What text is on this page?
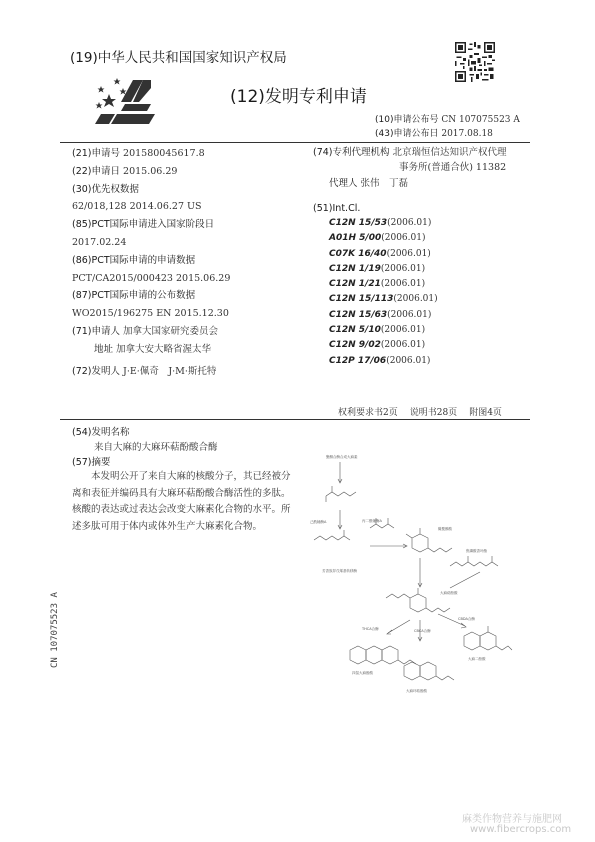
(19)中华人民共和国国家知识产权局
(12)发明专利申请
(10)申请公布号 CN 107075523 A
(43)申请公布日 2017.08.18
(21)申请号 201580045617.8
(22)申请日 2015.06.29
(30)优先权数据
62/018,128 2014.06.27 US
(85)PCT国际申请进入国家阶段日
2017.02.24
(86)PCT国际申请的申请数据
PCT/CA2015/000423 2015.06.29
(87)PCT国际申请的公布数据
WO2015/196275 EN 2015.12.30
(71)申请人 加拿大国家研究委员会
地址 加拿大安大略省渥太华
(72)发明人 J·E·佩奇　J·M·斯托特
(74)专利代理机构 北京瑞恒信达知识产权代理
事务所(普通合伙) 11382
代理人 张伟　丁磊
(51)Int.Cl.
C12N 15/53(2006.01)
A01H 5/00(2006.01)
C07K 16/40(2006.01)
C12N 1/19(2006.01)
C12N 1/21(2006.01)
C12N 15/113(2006.01)
C12N 15/63(2006.01)
C12N 5/10(2006.01)
C12N 9/02(2006.01)
C12P 17/06(2006.01)
权利要求书2页 说明书28页 附图4页
(54)发明名称
来自大麻的大麻环萜酚酸合酶
(57)摘要
本发明公开了来自大麻的核酸分子，其已经被分离和表征并编码具有大麻环萜酚酸合酶活性的多肽。核酸的表达或过表达会改变大麻素化合物的水平。所述多肽可用于体内或体外生产大麻素化合物。
CN 107075523 A
聚酮合酶合成大麻素
己酰辅酶A	丙二酰辅酶A
橄榄醇酸
芳香族异戊烯基转移酶
焦磷酸香叶酯
大麻萜酚酸
THCA合酶	CBCA合酶
CBDA合酶
四氢大麻酚酸
大麻环萜酚酸
大麻二酚酸
麻类作物营养与施肥网
www.fibercrops.com
